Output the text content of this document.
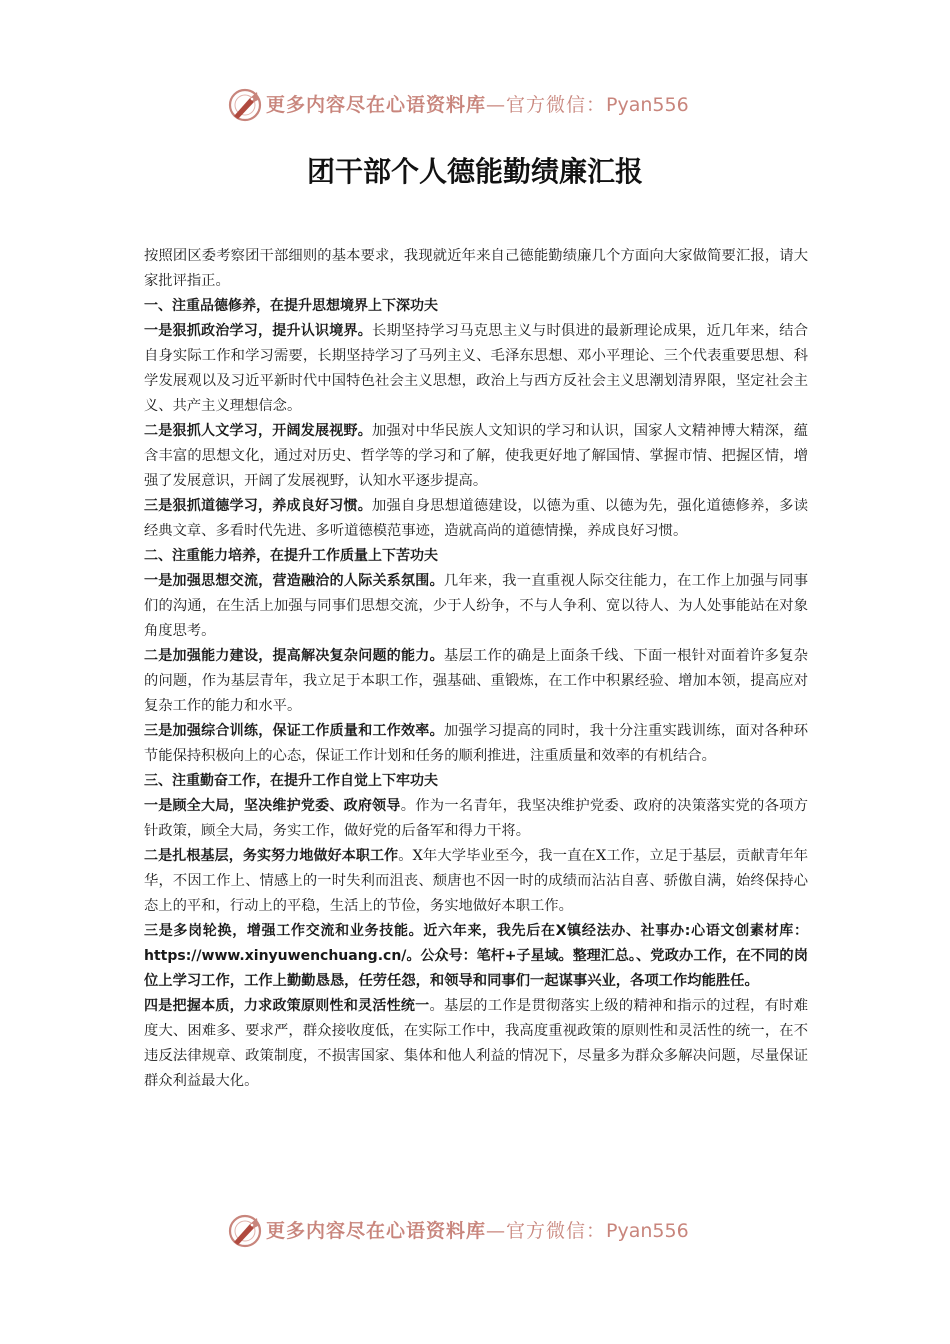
更多内容尽在心语资料库—官方微信：Pyan556
团干部个人德能勤绩廉汇报

按照团区委考察团干部细则的基本要求，我现就近年来自己德能勤绩廉几个方面向大家做简要汇报，请大家批评指正。

一、注重品德修养，在提升思想境界上下深功夫

一是狠抓政治学习，提升认识境界。长期坚持学习马克思主义与时俱进的最新理论成果，近几年来，结合自身实际工作和学习需要，长期坚持学习了马列主义、毛泽东思想、邓小平理论、三个代表重要思想、科学发展观以及习近平新时代中国特色社会主义思想，政治上与西方反社会主义思潮划清界限，坚定社会主义、共产主义理想信念。

二是狠抓人文学习，开阔发展视野。加强对中华民族人文知识的学习和认识，国家人文精神博大精深，蕴含丰富的思想文化，通过对历史、哲学等的学习和了解，使我更好地了解国情、掌握市情、把握区情，增强了发展意识，开阔了发展视野，认知水平逐步提高。

三是狠抓道德学习，养成良好习惯。加强自身思想道德建设，以德为重、以德为先，强化道德修养，多读经典文章、多看时代先进、多听道德模范事迹，造就高尚的道德情操，养成良好习惯。

二、注重能力培养，在提升工作质量上下苦功夫

一是加强思想交流，营造融洽的人际关系氛围。几年来，我一直重视人际交往能力，在工作上加强与同事们的沟通，在生活上加强与同事们思想交流，少于人纷争，不与人争利、宽以待人、为人处事能站在对象角度思考。

二是加强能力建设，提高解决复杂问题的能力。基层工作的确是上面条千线、下面一根针对面着许多复杂的问题，作为基层青年，我立足于本职工作，强基础、重锻炼，在工作中积累经验、增加本领，提高应对复杂工作的能力和水平。

三是加强综合训练，保证工作质量和工作效率。加强学习提高的同时，我十分注重实践训练，面对各种环节能保持积极向上的心态，保证工作计划和任务的顺利推进，注重质量和效率的有机结合。

三、注重勤奋工作，在提升工作自觉上下牢功夫

一是顾全大局，坚决维护党委、政府领导。作为一名青年，我坚决维护党委、政府的决策落实党的各项方针政策，顾全大局，务实工作，做好党的后备军和得力干将。

二是扎根基层，务实努力地做好本职工作。X年大学毕业至今，我一直在X工作，立足于基层，贡献青年年华，不因工作上、情感上的一时失利而沮丧、颓唐也不因一时的成绩而沾沾自喜、骄傲自满，始终保持心态上的平和，行动上的平稳，生活上的节俭，务实地做好本职工作。

三是多岗轮换，增强工作交流和业务技能。近六年来，我先后在X镇经法办、社事办:心语文创素材库：https://www.xinyuwenchuang.cn/。公众号：笔杆+子星域。整理汇总。、党政办工作，在不同的岗位上学习工作，工作上勤勤恳恳，任劳任怨，和领导和同事们一起谋事兴业，各项工作均能胜任。

四是把握本质，力求政策原则性和灵活性统一。基层的工作是贯彻落实上级的精神和指示的过程，有时难度大、困难多、要求严，群众接收度低，在实际工作中，我高度重视政策的原则性和灵活性的统一，在不违反法律规章、政策制度，不损害国家、集体和他人利益的情况下，尽量多为群众多解决问题，尽量保证群众利益最大化。

更多内容尽在心语资料库—官方微信：Pyan556
